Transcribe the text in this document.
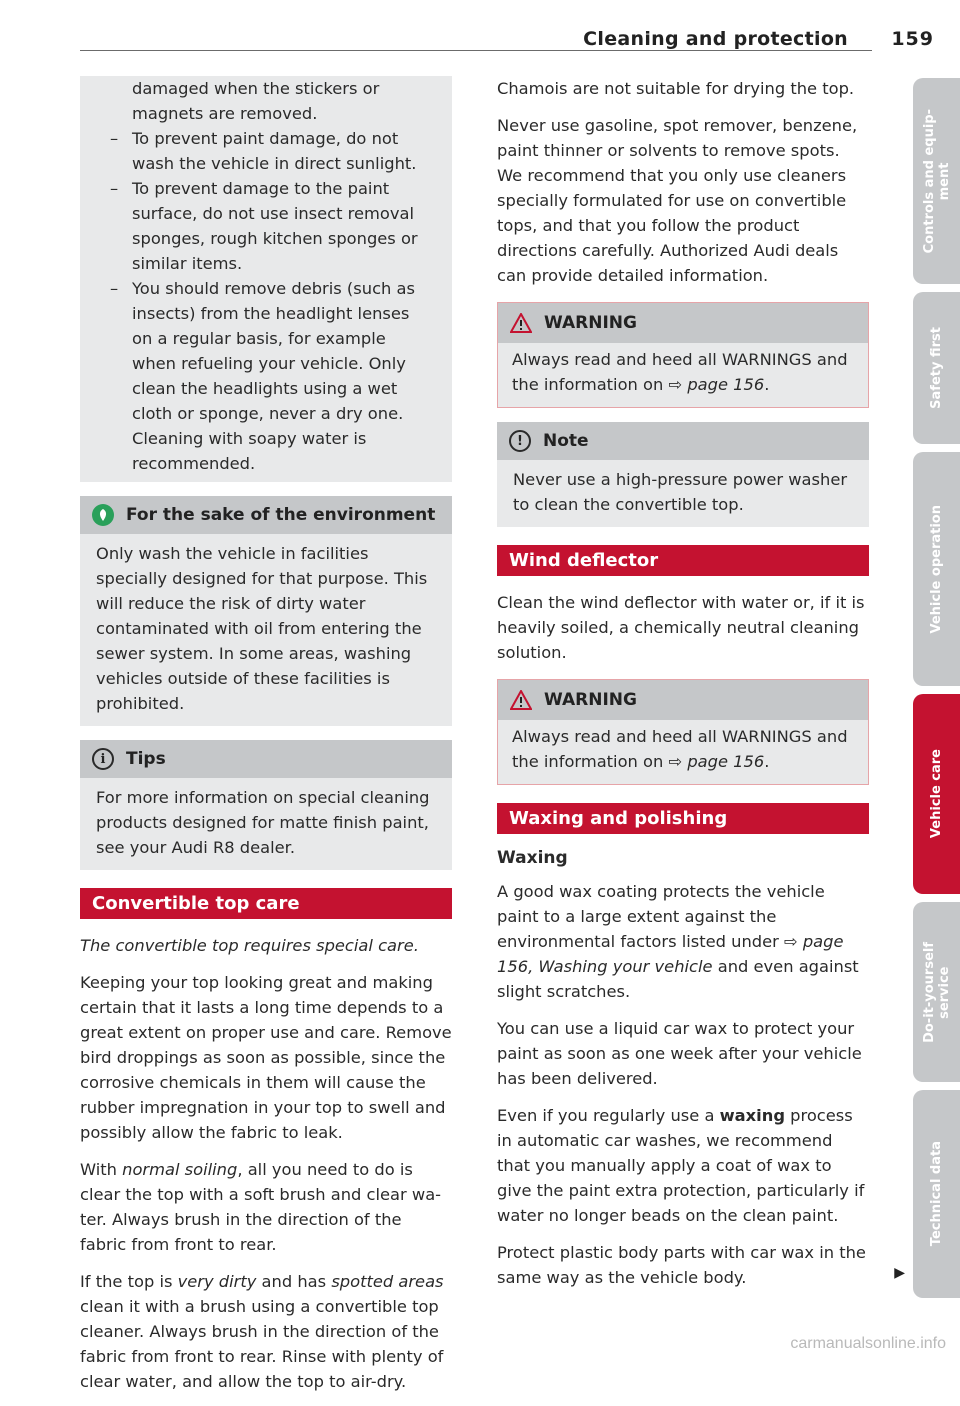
Cleaning and protection 159
damaged when the stickers or magnets are removed.
– To prevent paint damage, do not wash the vehicle in direct sunlight.
– To prevent damage to the paint surface, do not use insect removal sponges, rough kitchen sponges or similar items.
– You should remove debris (such as insects) from the headlight lenses on a regular basis, for example when refueling your vehicle. Only clean the headlights using a wet cloth or sponge, never a dry one. Cleaning with soapy water is recommended.
For the sake of the environment
Only wash the vehicle in facilities specially designed for that purpose. This will reduce the risk of dirty water contaminated with oil from entering the sewer system. In some areas, washing vehicles outside of these facilities is prohibited.
i	Tips
For more information on special cleaning products designed for matte finish paint, see your Audi R8 dealer.
Convertible top care

The convertible top requires special care.

Keeping your top looking great and making certain that it lasts a long time depends to a great extent on proper use and care. Remove bird droppings as soon as possible, since the corrosive chemicals in them will cause the rubber impregnation in your top to swell and possibly allow the fabric to leak.

With normal soiling, all you need to do is clear the top with a soft brush and clear water. Always brush in the direction of the fabric from front to rear.

If the top is very dirty and has spotted areas clean it with a brush using a convertible top cleaner. Always brush in the direction of the fabric from front to rear. Rinse with plenty of clear water, and allow the top to air-dry.

Chamois are not suitable for drying the top.

Never use gasoline, spot remover, benzene, paint thinner or solvents to remove spots. We recommend that you only use cleaners specially formulated for use on convertible tops, and that you follow the product directions carefully. Authorized Audi deals can provide detailed information.

WARNING
Always read and heed all WARNINGS and the information on ⇨ page 156.
!	Note
Never use a high-pressure power washer to clean the convertible top.
Wind deflector

Clean the wind deflector with water or, if it is heavily soiled, a chemically neutral cleaning solution.

WARNING
Always read and heed all WARNINGS and the information on ⇨ page 156.
Waxing and polishing
Waxing

A good wax coating protects the vehicle paint to a large extent against the environmental factors listed under ⇨ page 156, Washing your vehicle and even against slight scratches.

You can use a liquid car wax to protect your paint as soon as one week after your vehicle has been delivered.

Even if you regularly use a waxing process in automatic car washes, we recommend that you manually apply a coat of wax to give the paint extra protection, particularly if water no longer beads on the clean paint.

Protect plastic body parts with car wax in the same way as the vehicle body.	▶

Controls and equip-
ment
Safety first
Vehicle operation
Vehicle care
Do-it-yourself
service
Technical data
carmanualsonline.info
